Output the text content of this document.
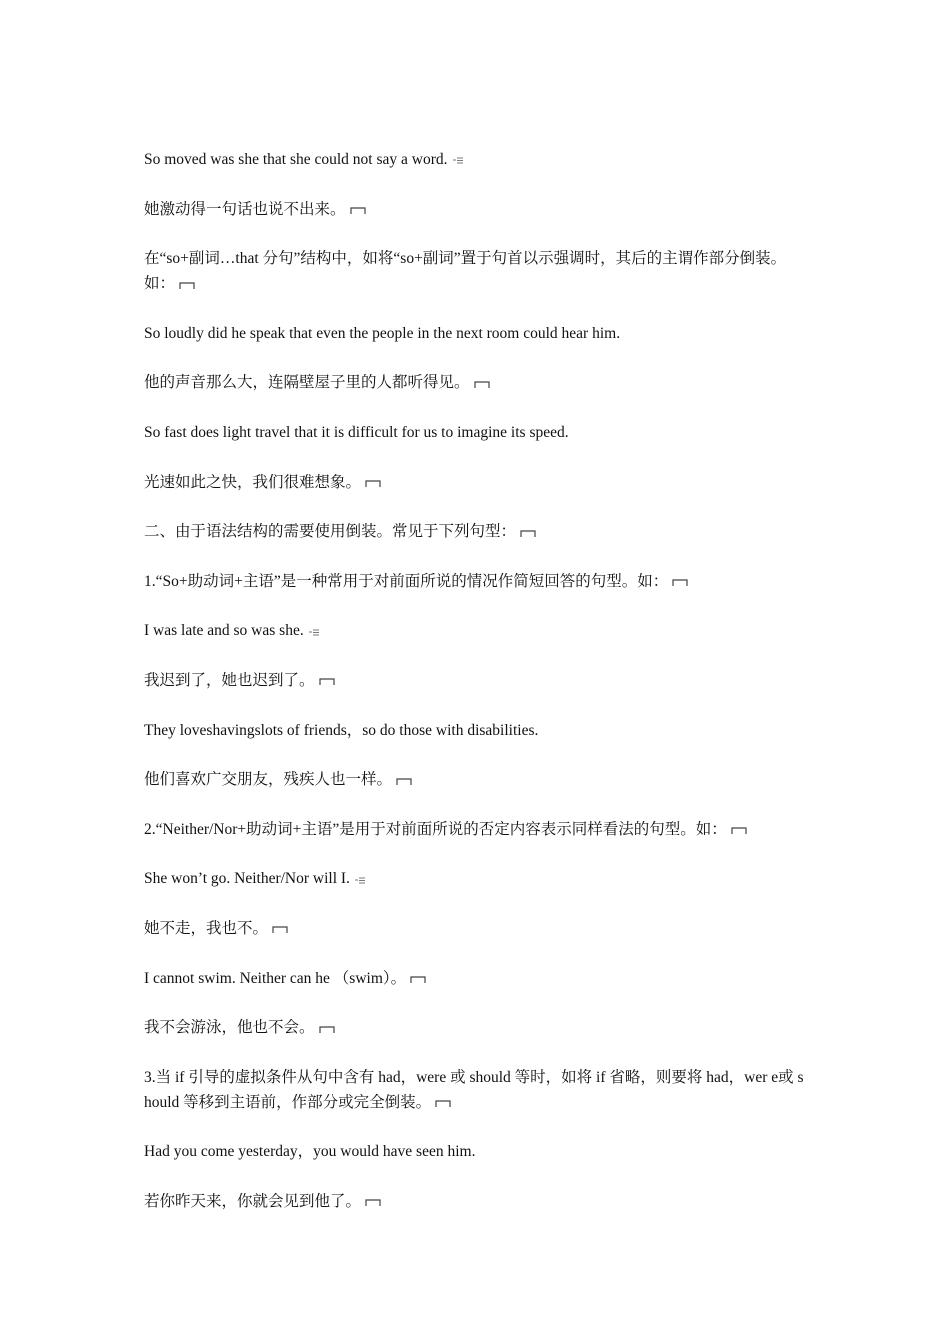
So moved was she that she could not say a word.

她激动得一句话也说不出来。

在“so+副词…that 分句”结构中，如将“so+副词”置于句首以示强调时，其后的主谓作部分倒装。如：

So loudly did he speak that even the people in the next room could hear him.

他的声音那么大，连隔壁屋子里的人都听得见。

So fast does light travel that it is difficult for us to imagine its speed.

光速如此之快，我们很难想象。

二、由于语法结构的需要使用倒装。常见于下列句型：

1.“So+助动词+主语”是一种常用于对前面所说的情况作简短回答的句型。如：

I was late and so was she.

我迟到了，她也迟到了。

They loveshavingslots of friends，so do those with disabilities.

他们喜欢广交朋友，残疾人也一样。

2.“Neither/Nor+助动词+主语”是用于对前面所说的否定内容表示同样看法的句型。如：

She won’t go. Neither/Nor will I.

她不走，我也不。

I cannot swim. Neither can he （swim）。

我不会游泳，他也不会。

3.当 if 引导的虚拟条件从句中含有 had，were 或 should 等时，如将 if 省略，则要将 had，wer e或 should 等移到主语前，作部分或完全倒装。

Had you come yesterday，you would have seen him.

若你昨天来，你就会见到他了。
